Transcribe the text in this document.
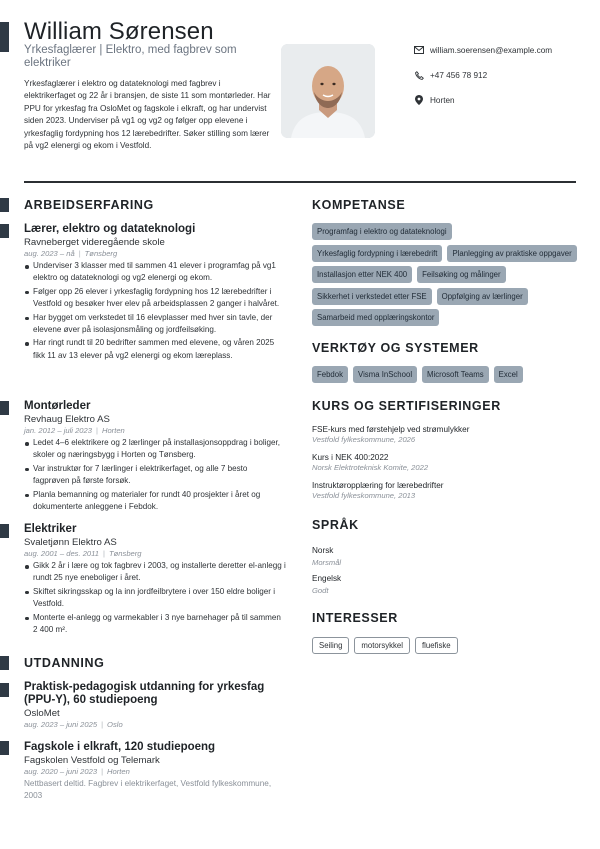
William Sørensen
Yrkesfaglærer | Elektro, med fagbrev som elektriker

Yrkesfaglærer i elektro og datateknologi med fagbrev i elektrikerfaget og 22 år i bransjen, de siste 11 som montørleder. Har PPU for yrkesfag fra OsloMet og fagskole i elkraft, og har undervist siden 2023. Underviser på vg1 og vg2 og følger opp elevene i yrkesfaglig fordypning hos 12 lærebedrifter. Søker stilling som lærer på vg2 elenergi og ekom i Vestfold.

william.soerensen@example.com
+47 456 78 912
Horten
ARBEIDSERFARING
Lærer, elektro og datateknologi
Ravneberget videregående skole
aug. 2023 – nå | Tønsberg
Underviser 3 klasser med til sammen 41 elever i programfag på vg1 elektro og datateknologi og vg2 elenergi og ekom.
Følger opp 26 elever i yrkesfaglig fordypning hos 12 lærebedrifter i Vestfold og besøker hver elev på arbeidsplassen 2 ganger i halvåret.
Har bygget om verkstedet til 16 elevplasser med hver sin tavle, der elevene øver på isolasjonsmåling og jordfeilsøking.
Har ringt rundt til 20 bedrifter sammen med elevene, og våren 2025 fikk 11 av 13 elever på vg2 elenergi og ekom læreplass.
Montørleder
Revhaug Elektro AS
jan. 2012 – juli 2023 | Horten
Ledet 4–6 elektrikere og 2 lærlinger på installasjonsoppdrag i boliger, skoler og næringsbygg i Horten og Tønsberg.
Var instruktør for 7 lærlinger i elektrikerfaget, og alle 7 besto fagprøven på første forsøk.
Planla bemanning og materialer for rundt 40 prosjekter i året og dokumenterte anleggene i Febdok.
Elektriker
Svaletjønn Elektro AS
aug. 2001 – des. 2011 | Tønsberg
Gikk 2 år i lære og tok fagbrev i 2003, og installerte deretter el-anlegg i rundt 25 nye eneboliger i året.
Skiftet sikringsskap og la inn jordfeilbrytere i over 150 eldre boliger i Vestfold.
Monterte el-anlegg og varmekabler i 3 nye barnehager på til sammen 2 400 m².
UTDANNING
Praktisk-pedagogisk utdanning for yrkesfag (PPU-Y), 60 studiepoeng
OsloMet
aug. 2023 – juni 2025 | Oslo
Fagskole i elkraft, 120 studiepoeng
Fagskolen Vestfold og Telemark
aug. 2020 – juni 2023 | Horten
Nettbasert deltid. Fagbrev i elektrikerfaget, Vestfold fylkeskommune, 2003
KOMPETANSE
Programfag i elektro og datateknologi
Yrkesfaglig fordypning i lærebedrift	Planlegging av praktiske oppgaver
Installasjon etter NEK 400	Feilsøking og målinger
Sikkerhet i verkstedet etter FSE	Oppfølging av lærlinger
Samarbeid med opplæringskontor
VERKTØY OG SYSTEMER
Febdok	Visma InSchool	Microsoft Teams	Excel
KURS OG SERTIFISERINGER
FSE-kurs med førstehjelp ved strømulykker
Vestfold fylkeskommune, 2026
Kurs i NEK 400:2022
Norsk Elektroteknisk Komite, 2022
Instruktøropplæring for lærebedrifter
Vestfold fylkeskommune, 2013
SPRÅK
Norsk
Morsmål
Engelsk
Godt
INTERESSER
Seiling	motorsykkel	fluefiske
